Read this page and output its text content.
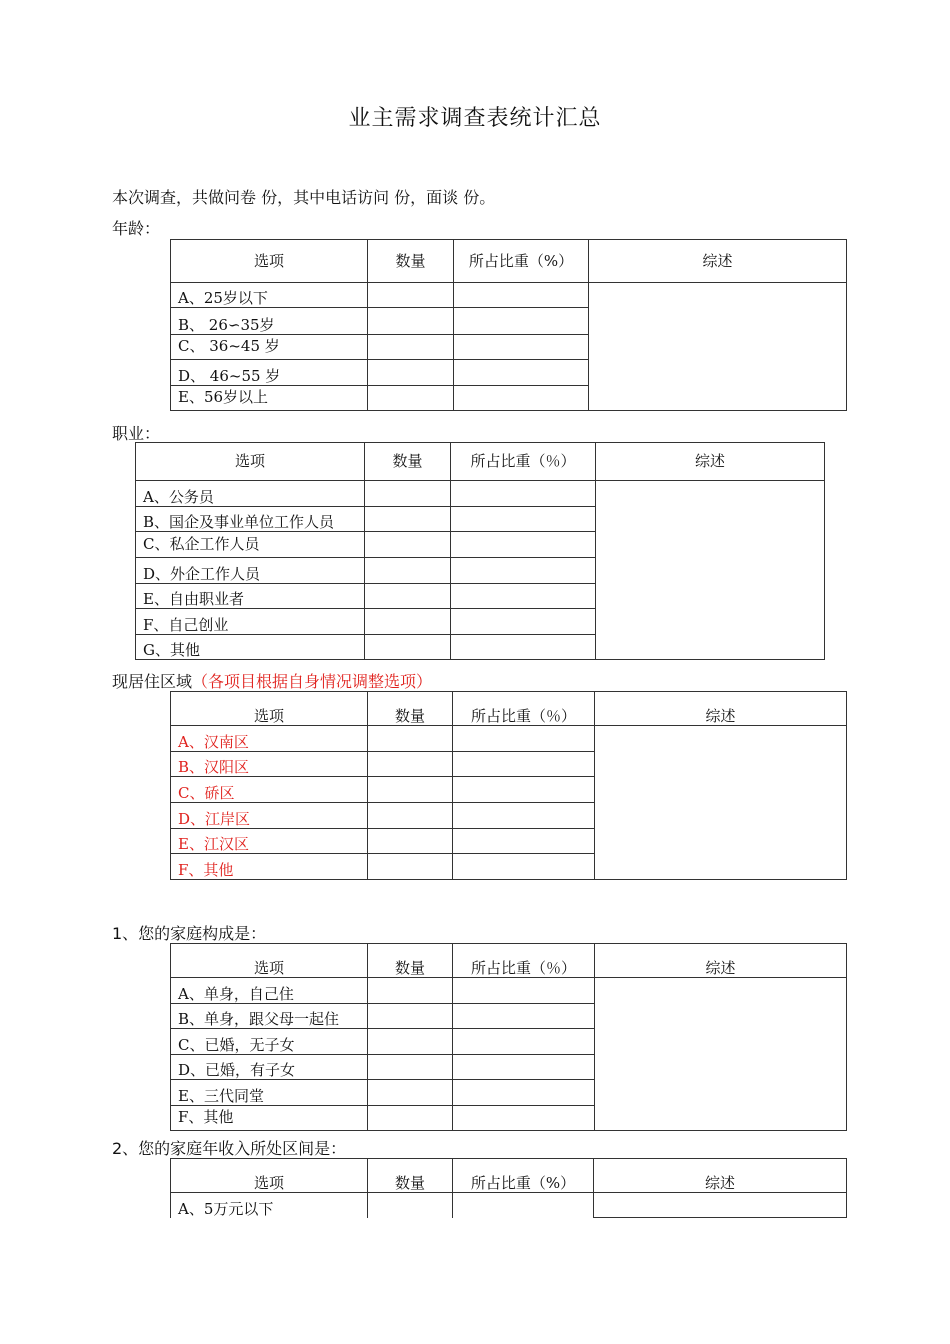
业主需求调查表统计汇总
本次调查，共做问卷 份，其中电话访问 份，面谈 份。
年龄：
选项	数量	所占比重（%）	综述
A、25岁以下			
B、 26∽35岁			
C、 36~45 岁			
D、 46~55 岁			
E、56岁以上			
职业：
选项	数量	所占比重（％）	综述
A、公务员			
B、国企及事业单位工作人员			
C、私企工作人员			
D、外企工作人员			
E、自由职业者			
F、自己创业			
G、其他			
现居住区域（各项目根据自身情况调整选项）
选项	数量	所占比重（％）	综述
A、汉南区			
B、汉阳区			
C、硚区			
D、江岸区			
E、江汉区			
F、其他			
1、您的家庭构成是：
选项	数量	所占比重（％）	综述
A、单身，自己住			
B、单身，跟父母一起住			
C、已婚，无子女			
D、已婚，有子女			
E、三代同堂			
F、其他			
2、您的家庭年收入所处区间是：
选项	数量	所占比重（%）	综述
A、5万元以下			
